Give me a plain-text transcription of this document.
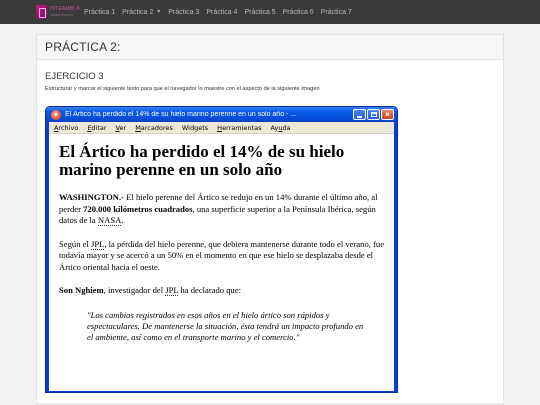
ISTEAMBLA
Somerhoven	Práctica 1 Práctica 2 ▼ Práctica 3 Práctica 4 Práctica 5 Práctica 6 Práctica 7
PRÁCTICA 2:
EJERCICIO 3
Estructurar y marcar el siguiente texto para que el navegador lo muestre con el aspecto de la siguiente imagen
e	El Ártico ha perdido el 14% de su hielo marino perenne en un solo año - ...	×
Archivo Editar Ver Marcadores Widgets Herramientas Ayuda
El Ártico ha perdido el 14% de su hielo marino perenne en un solo año

WASHINGTON.- El hielo perenne del Ártico se redujo en un 14% durante el último año, al perder 720.000 kilómetros cuadrados, una superficie superior a la Península Ibérica, según datos de la NASA.

Según el JPL, la pérdida del hielo perenne, que debiera mantenerse durante todo el verano, fue todavía mayor y se acercó a un 50% en el momento en que ese hielo se desplazaba desde el Ártico oriental hacia el oeste.

Son Nghiem, investigador del JPL ha declarado que:

"Los cambios registrados en esos años en el hielo ártico son rápidos y espectaculares. De mantenerse la situación, ésta tendrá un impacto profundo en el ambiente, así como en el transporte marino y el comercio."
